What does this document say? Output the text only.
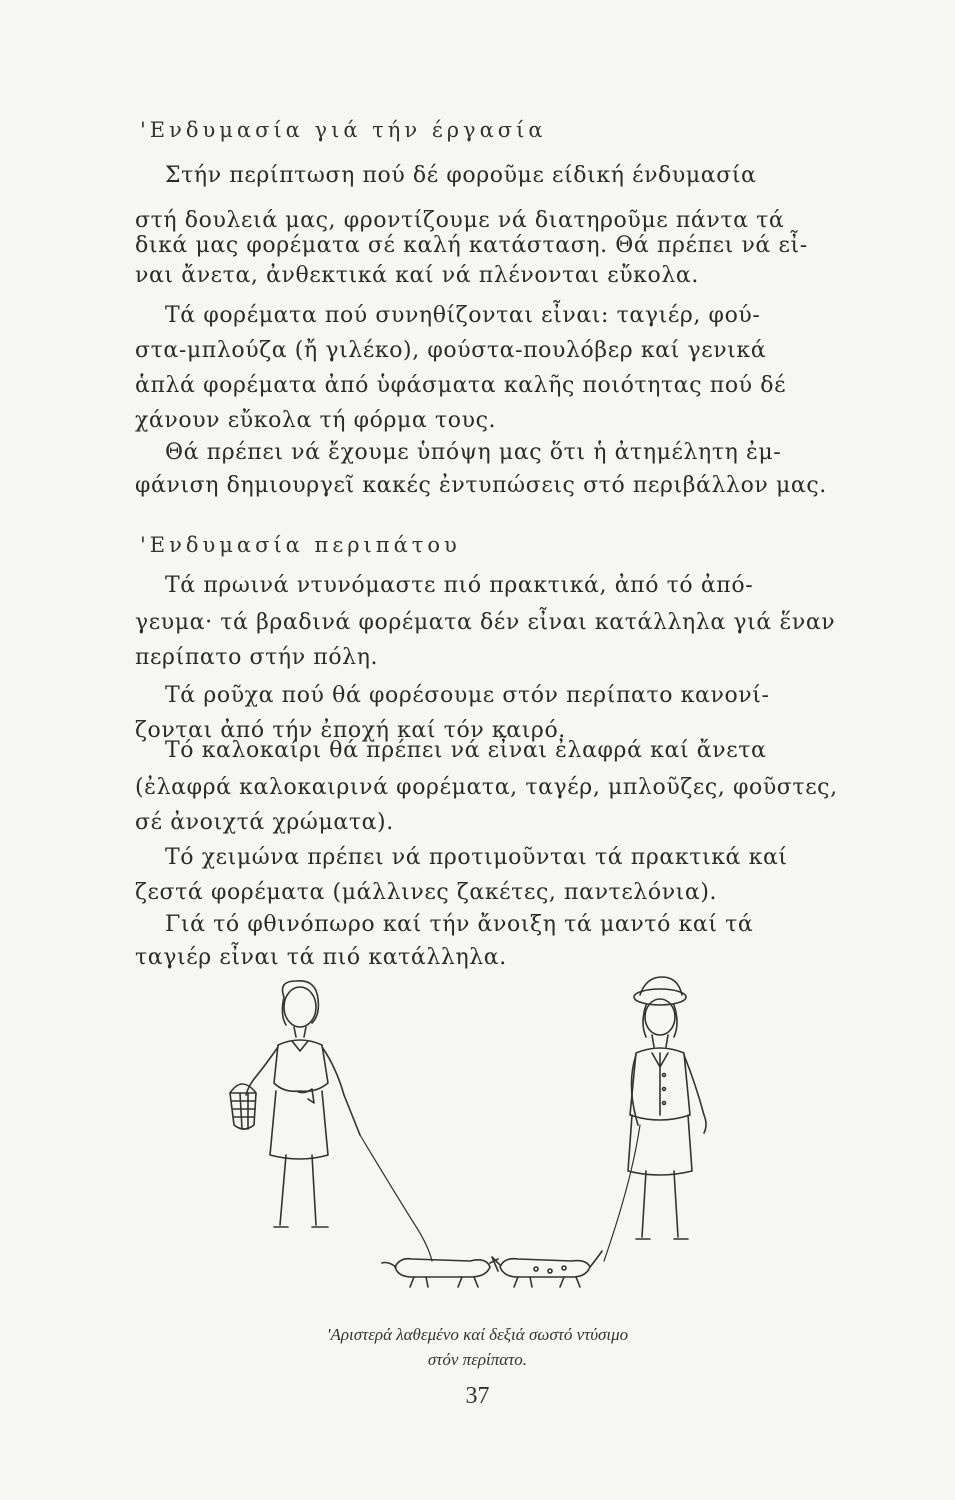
'Ενδυμασία γιά τήν έργασία
Στήν περίπτωση πού δέ φοροῦμε είδική ένδυμασία
στή δουλειά μας, φροντίζουμε νά διατηροῦμε πάντα τά
δικά μας φορέματα σέ καλή κατάσταση. Θά πρέπει νά εἶ-
ναι ἄνετα, ἀνθεκτικά καί νά πλένονται εὔκολα.
Τά φορέματα πού συνηθίζονται εἶναι: ταγιέρ, φού-
στα-μπλούζα (ἤ γιλέκο), φούστα-πουλόβερ καί γενικά
ἁπλά φορέματα ἀπό ὑφάσματα καλῆς ποιότητας πού δέ
χάνουν εὔκολα τή φόρμα τους.
Θά πρέπει νά ἔχουμε ὑπόψη μας ὅτι ἡ ἀτημέλητη ἐμ-
φάνιση δημιουργεῖ κακές ἐντυπώσεις στό περιβάλλον μας.
'Ενδυμασία περιπάτου
Τά πρωινά ντυνόμαστε πιό πρακτικά, ἀπό τό ἀπό-
γευμα· τά βραδινά φορέματα δέν εἶναι κατάλληλα γιά ἕναν
περίπατο στήν πόλη.
Τά ροῦχα πού θά φορέσουμε στόν περίπατο κανονί-
ζονται ἀπό τήν ἐποχή καί τόν καιρό.
Τό καλοκαίρι θά πρέπει νά εἶναι ἐλαφρά καί ἄνετα
(ἐλαφρά καλοκαιρινά φορέματα, ταγέρ, μπλοῦζες, φοῦστες,
σέ ἀνοιχτά χρώματα).
Τό χειμώνα πρέπει νά προτιμοῦνται τά πρακτικά καί
ζεστά φορέματα (μάλλινες ζακέτες, παντελόνια).
Γιά τό φθινόπωρο καί τήν ἄνοιξη τά μαντό καί τά
ταγιέρ εἶναι τά πιό κατάλληλα.
'Αριστερά λαθεμένο καί δεξιά σωστό ντύσιμο
στόν περίπατο.
37
